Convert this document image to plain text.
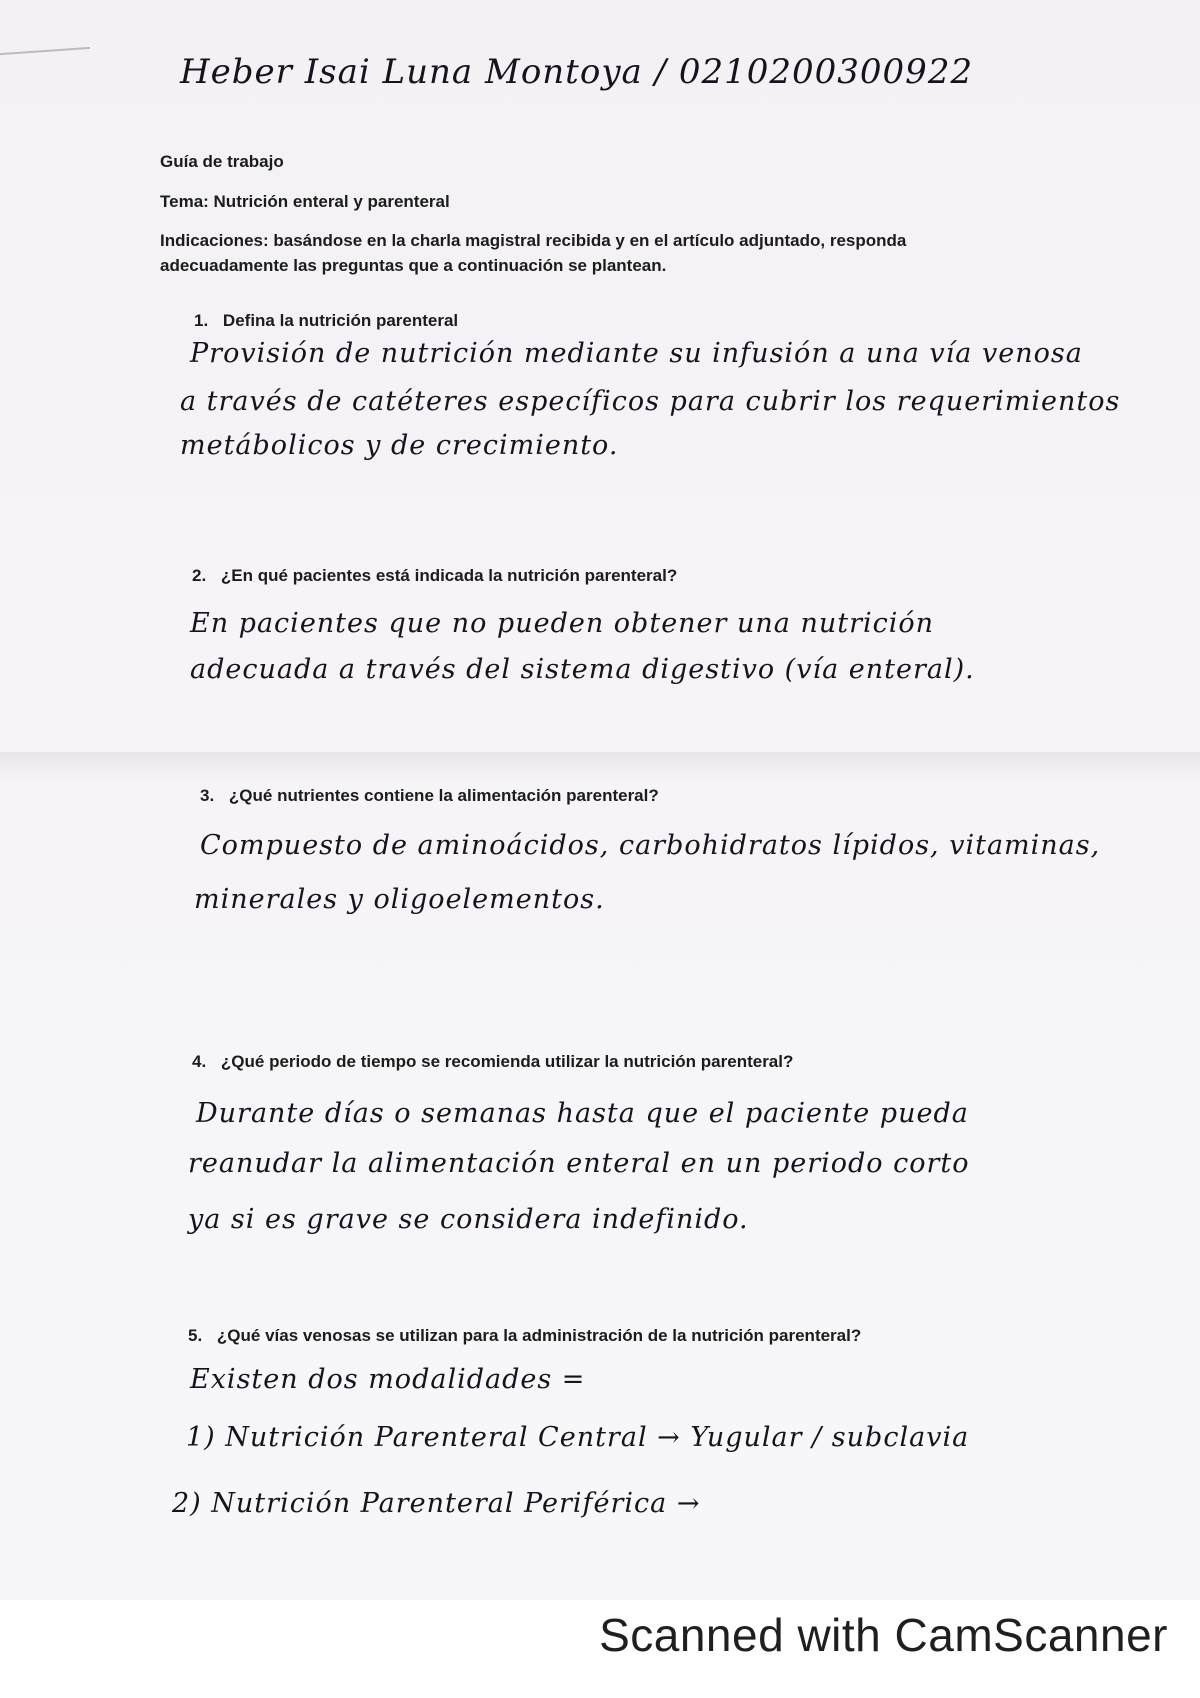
Heber Isai Luna Montoya / 0210200300922
Guía de trabajo
Tema: Nutrición enteral y parenteral
Indicaciones: basándose en la charla magistral recibida y en el artículo adjuntado, responda adecuadamente las preguntas que a continuación se plantean.
1. Defina la nutrición parenteral
Provisión de nutrición mediante su infusión a una vía venosa
a través de catéteres específicos para cubrir los requerimientos
metábolicos y de crecimiento.
2. ¿En qué pacientes está indicada la nutrición parenteral?
En pacientes que no pueden obtener una nutrición
adecuada a través del sistema digestivo (vía enteral).
3. ¿Qué nutrientes contiene la alimentación parenteral?
Compuesto de aminoácidos, carbohidratos lípidos, vitaminas,
minerales y oligoelementos.
4. ¿Qué periodo de tiempo se recomienda utilizar la nutrición parenteral?
Durante días o semanas hasta que el paciente pueda
reanudar la alimentación enteral en un periodo corto
ya si es grave se considera indefinido.
5. ¿Qué vías venosas se utilizan para la administración de la nutrición parenteral?
Existen dos modalidades =
1) Nutrición Parenteral Central → Yugular / subclavia
2) Nutrición Parenteral Periférica →
Scanned with CamScanner
